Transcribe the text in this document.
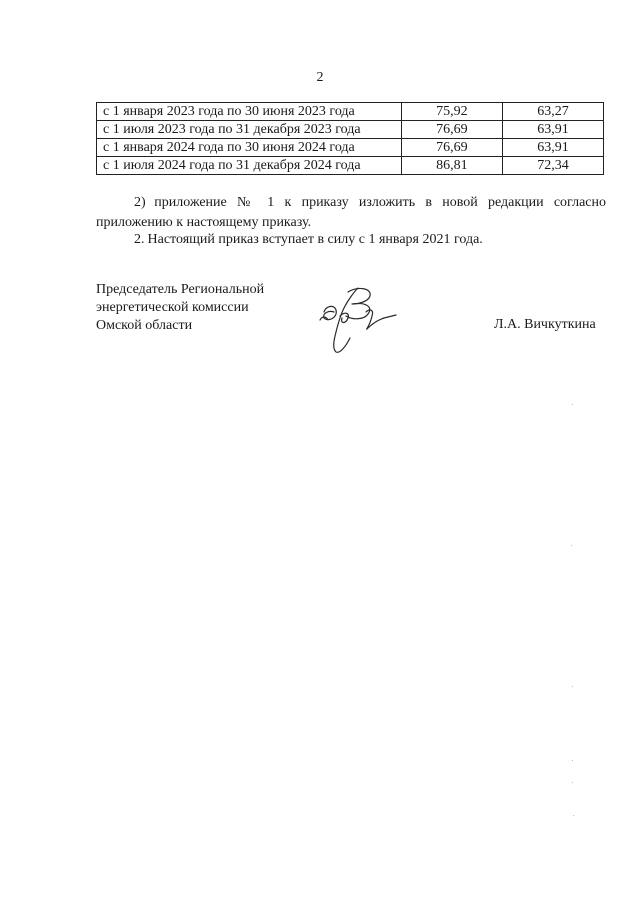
2
с 1 января 2023 года по 30 июня 2023 года	75,92	63,27
с 1 июля 2023 года по 31 декабря 2023 года	76,69	63,91
с 1 января 2024 года по 30 июня 2024 года	76,69	63,91
с 1 июля 2024 года по 31 декабря 2024 года	86,81	72,34
2) приложение № 1 к приказу изложить в новой редакции согласно приложению к настоящему приказу.
2. Настоящий приказ вступает в силу с 1 января 2021 года.
Председатель Региональной
энергетической комиссии
Омской области	Л.А. Вичкуткина
